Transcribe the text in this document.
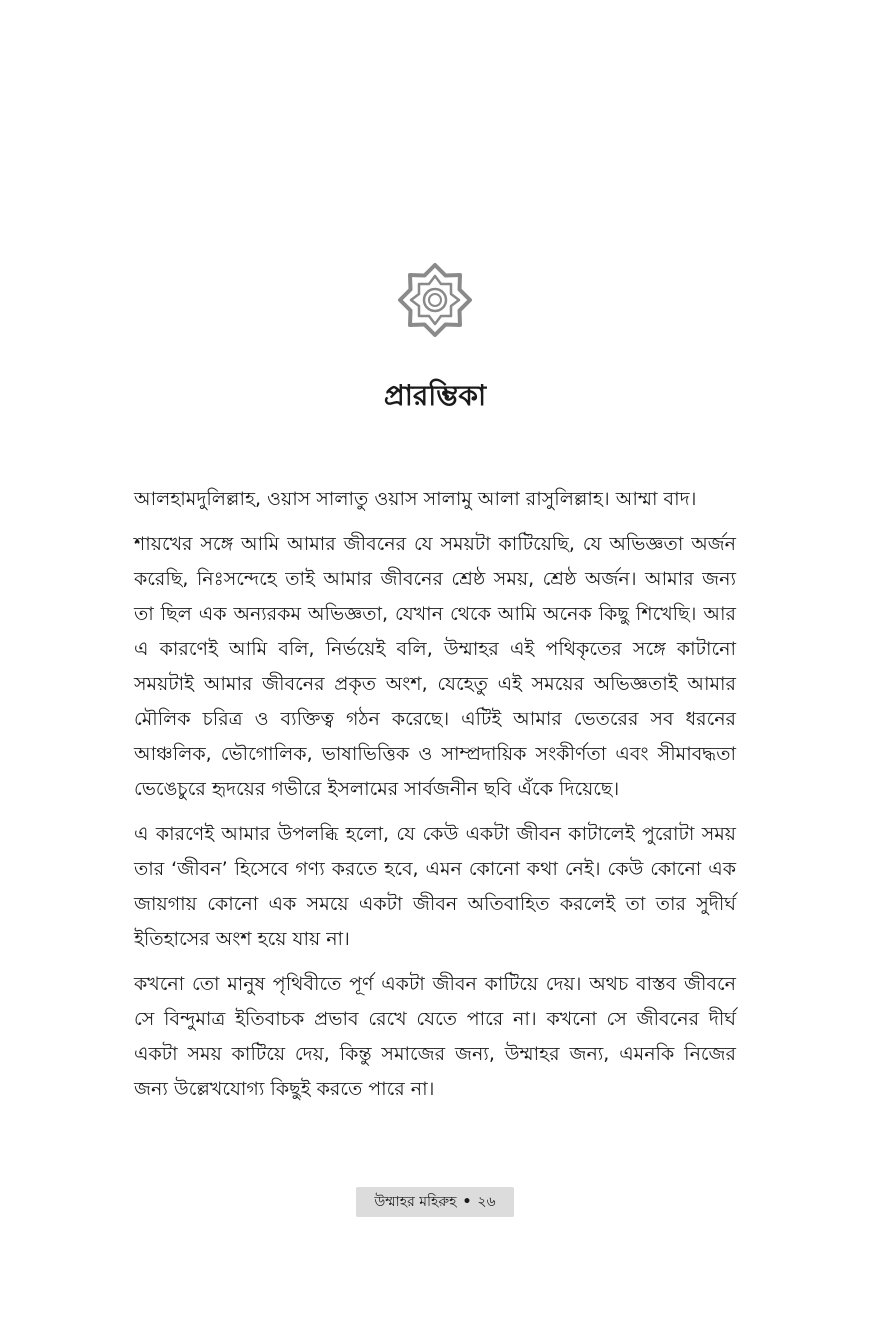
প্রারম্ভিকা

আলহামদুলিল্লাহ, ওয়াস সালাতু ওয়াস সালামু আলা রাসুলিল্লাহ। আম্মা বাদ।

শায়খের সঙ্গে আমি আমার জীবনের যে সময়টা কাটিয়েছি, যে অভিজ্ঞতা অর্জন করেছি, নিঃসন্দেহে তাই আমার জীবনের শ্রেষ্ঠ সময়, শ্রেষ্ঠ অর্জন। আমার জন্য তা ছিল এক অন্যরকম অভিজ্ঞতা, যেখান থেকে আমি অনেক কিছু শিখেছি। আর এ কারণেই আমি বলি, নির্ভয়েই বলি, উম্মাহর এই পথিকৃতের সঙ্গে কাটানো সময়টাই আমার জীবনের প্রকৃত অংশ, যেহেতু এই সময়ের অভিজ্ঞতাই আমার মৌলিক চরিত্র ও ব্যক্তিত্ব গঠন করেছে। এটিই আমার ভেতরের সব ধরনের আঞ্চলিক, ভৌগোলিক, ভাষাভিত্তিক ও সাম্প্রদায়িক সংকীর্ণতা এবং সীমাবদ্ধতা ভেঙেচুরে হৃদয়ের গভীরে ইসলামের সার্বজনীন ছবি এঁকে দিয়েছে।

এ কারণেই আমার উপলব্ধি হলো, যে কেউ একটা জীবন কাটালেই পুরোটা সময় তার ‘জীবন’ হিসেবে গণ্য করতে হবে, এমন কোনো কথা নেই। কেউ কোনো এক জায়গায় কোনো এক সময়ে একটা জীবন অতিবাহিত করলেই তা তার সুদীর্ঘ ইতিহাসের অংশ হয়ে যায় না।

কখনো তো মানুষ পৃথিবীতে পূর্ণ একটা জীবন কাটিয়ে দেয়। অথচ বাস্তব জীবনে সে বিন্দুমাত্র ইতিবাচক প্রভাব রেখে যেতে পারে না। কখনো সে জীবনের দীর্ঘ একটা সময় কাটিয়ে দেয়, কিন্তু সমাজের জন্য, উম্মাহর জন্য, এমনকি নিজের জন্য উল্লেখযোগ্য কিছুই করতে পারে না।

উম্মাহর মহিরুহ • ২৬
